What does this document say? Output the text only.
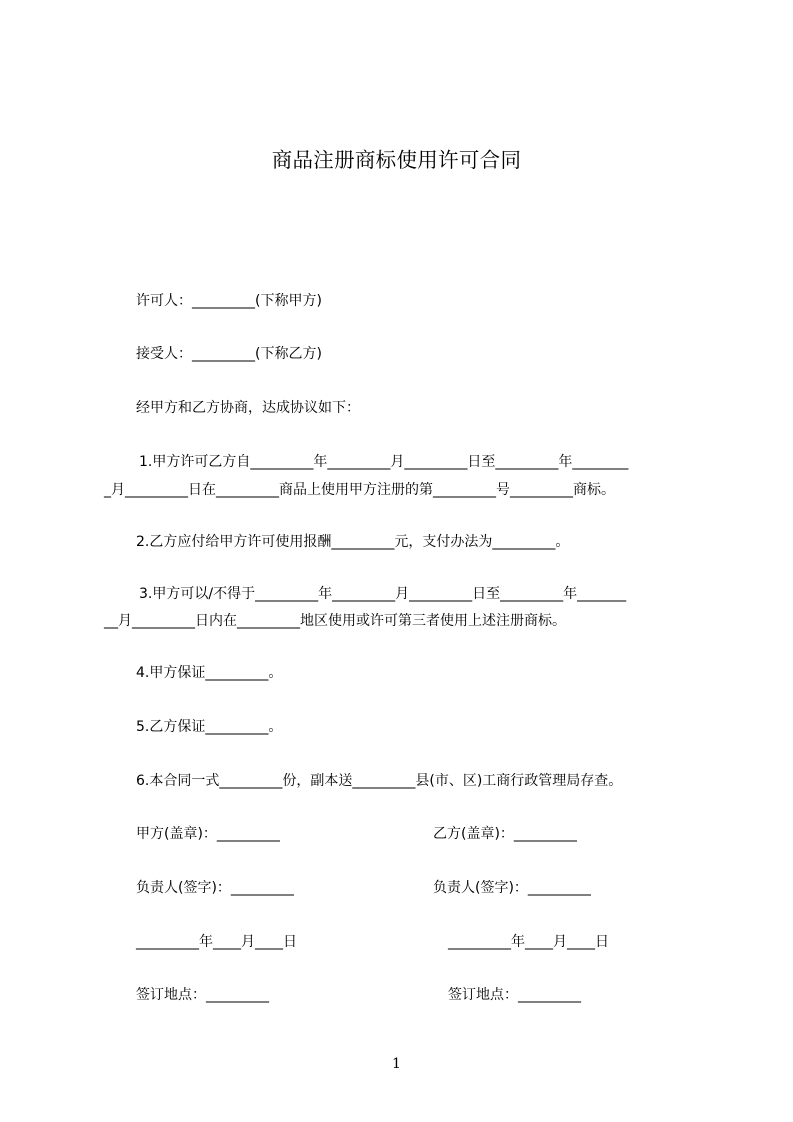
商品注册商标使用许可合同
许可人：_________(下称甲方)
接受人：_________(下称乙方)
经甲方和乙方协商，达成协议如下：
1.甲方许可乙方自_________年_________月_________日至_________年________
_月_________日在_________商品上使用甲方注册的第_________号_________商标。
2.乙方应付给甲方许可使用报酬_________元，支付办法为_________。
3.甲方可以/不得于_________年_________月_________日至_________年_______
__月_________日内在_________地区使用或许可第三者使用上述注册商标。
4.甲方保证_________。
5.乙方保证_________。
6.本合同一式_________份，副本送_________县(市、区)工商行政管理局存查。
甲方(盖章)：_________	乙方(盖章)：_________
负责人(签字)：_________	负责人(签字)：_________
_________年____月____日	_________年____月____日
签订地点：_________	签订地点：_________
1
